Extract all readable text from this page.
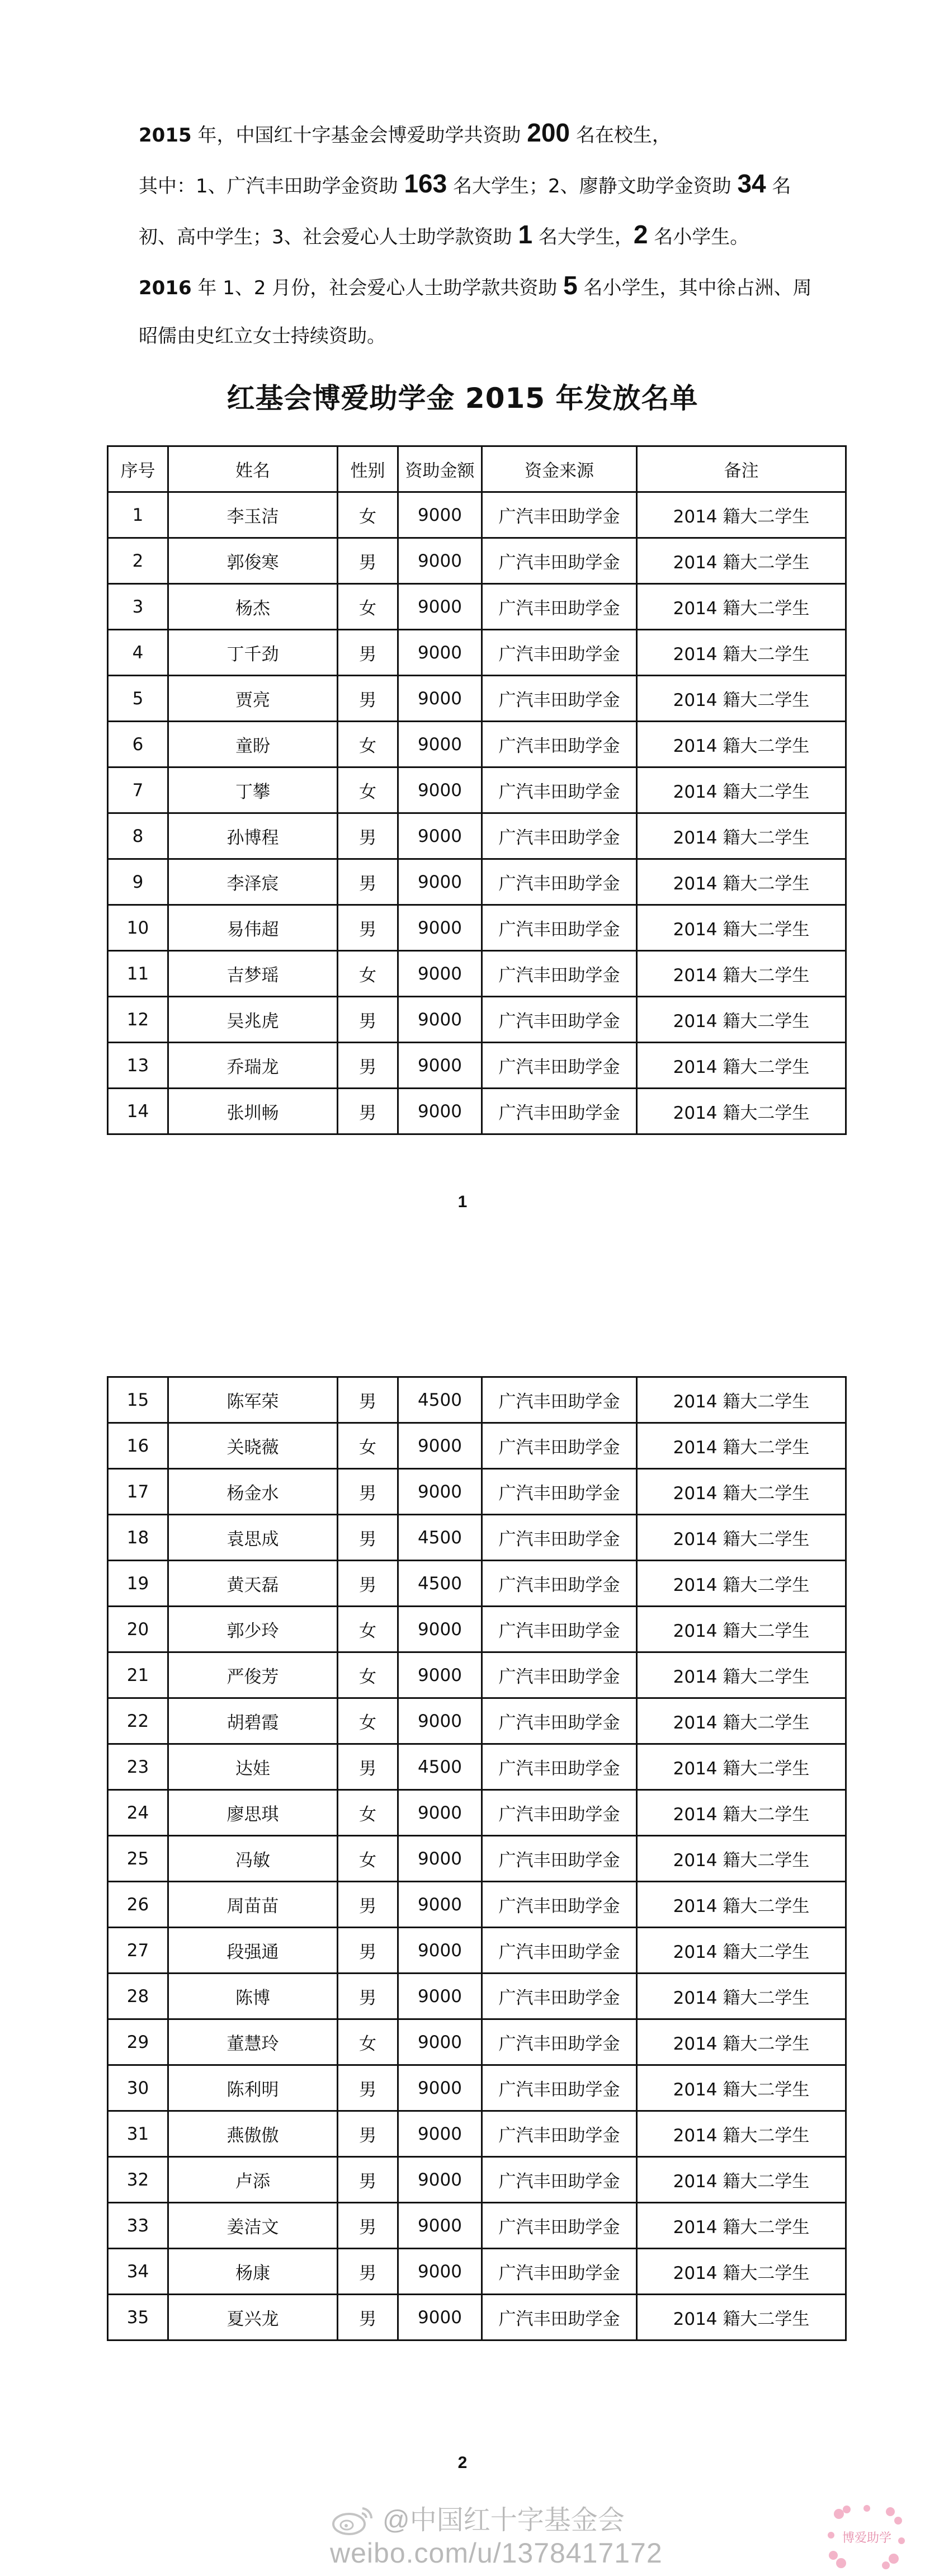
2015 年，中国红十字基金会博爱助学共资助 200 名在校生，

其中：1、广汽丰田助学金资助 163 名大学生；2、廖静文助学金资助 34 名

初、高中学生；3、社会爱心人士助学款资助 1 名大学生，2 名小学生。

2016 年 1、2 月份，社会爱心人士助学款共资助 5 名小学生，其中徐占洲、周

昭儒由史红立女士持续资助。

红基会博爱助学金 2015 年发放名单
序号	姓名	性别	资助金额	资金来源	备注
1	李玉洁	女	9000	广汽丰田助学金	2014 籍大二学生
2	郭俊寒	男	9000	广汽丰田助学金	2014 籍大二学生
3	杨杰	女	9000	广汽丰田助学金	2014 籍大二学生
4	丁千劲	男	9000	广汽丰田助学金	2014 籍大二学生
5	贾亮	男	9000	广汽丰田助学金	2014 籍大二学生
6	童盼	女	9000	广汽丰田助学金	2014 籍大二学生
7	丁攀	女	9000	广汽丰田助学金	2014 籍大二学生
8	孙博程	男	9000	广汽丰田助学金	2014 籍大二学生
9	李泽宸	男	9000	广汽丰田助学金	2014 籍大二学生
10	易伟超	男	9000	广汽丰田助学金	2014 籍大二学生
11	吉梦瑶	女	9000	广汽丰田助学金	2014 籍大二学生
12	吴兆虎	男	9000	广汽丰田助学金	2014 籍大二学生
13	乔瑞龙	男	9000	广汽丰田助学金	2014 籍大二学生
14	张圳畅	男	9000	广汽丰田助学金	2014 籍大二学生
1
15	陈军荣	男	4500	广汽丰田助学金	2014 籍大二学生
16	关晓薇	女	9000	广汽丰田助学金	2014 籍大二学生
17	杨金水	男	9000	广汽丰田助学金	2014 籍大二学生
18	袁思成	男	4500	广汽丰田助学金	2014 籍大二学生
19	黄天磊	男	4500	广汽丰田助学金	2014 籍大二学生
20	郭少玲	女	9000	广汽丰田助学金	2014 籍大二学生
21	严俊芳	女	9000	广汽丰田助学金	2014 籍大二学生
22	胡碧霞	女	9000	广汽丰田助学金	2014 籍大二学生
23	达娃	男	4500	广汽丰田助学金	2014 籍大二学生
24	廖思琪	女	9000	广汽丰田助学金	2014 籍大二学生
25	冯敏	女	9000	广汽丰田助学金	2014 籍大二学生
26	周苗苗	男	9000	广汽丰田助学金	2014 籍大二学生
27	段强通	男	9000	广汽丰田助学金	2014 籍大二学生
28	陈博	男	9000	广汽丰田助学金	2014 籍大二学生
29	董慧玲	女	9000	广汽丰田助学金	2014 籍大二学生
30	陈利明	男	9000	广汽丰田助学金	2014 籍大二学生
31	燕傲傲	男	9000	广汽丰田助学金	2014 籍大二学生
32	卢添	男	9000	广汽丰田助学金	2014 籍大二学生
33	姜洁文	男	9000	广汽丰田助学金	2014 籍大二学生
34	杨康	男	9000	广汽丰田助学金	2014 籍大二学生
35	夏兴龙	男	9000	广汽丰田助学金	2014 籍大二学生
2
@中国红十字基金会
weibo.com/u/1378417172	博爱助学
